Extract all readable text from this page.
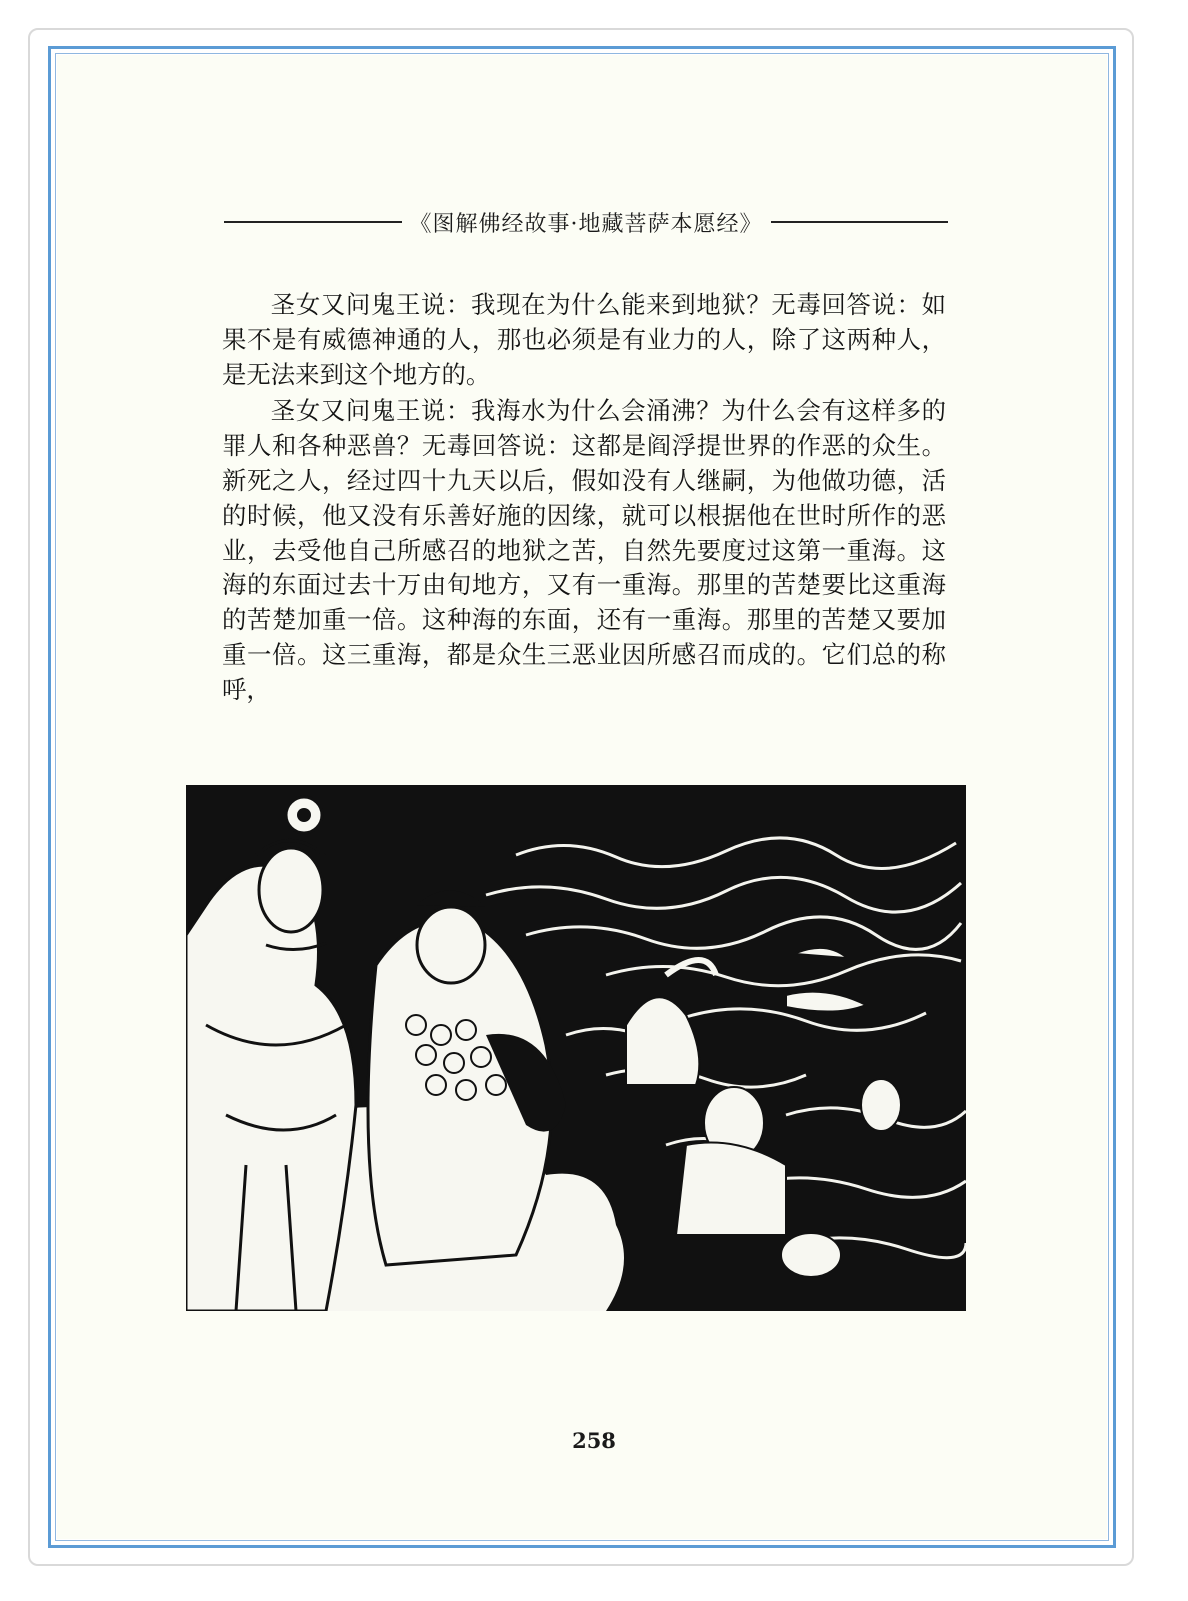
《图解佛经故事·地藏菩萨本愿经》

圣女又问鬼王说：我现在为什么能来到地狱？无毒回答说：如果不是有威德神通的人，那也必须是有业力的人，除了这两种人，是无法来到这个地方的。

圣女又问鬼王说：我海水为什么会涌沸？为什么会有这样多的罪人和各种恶兽？无毒回答说：这都是阎浮提世界的作恶的众生。新死之人，经过四十九天以后，假如没有人继嗣，为他做功德，活的时候，他又没有乐善好施的因缘，就可以根据他在世时所作的恶业，去受他自己所感召的地狱之苦，自然先要度过这第一重海。这海的东面过去十万由旬地方，又有一重海。那里的苦楚要比这重海的苦楚加重一倍。这种海的东面，还有一重海。那里的苦楚又要加重一倍。这三重海，都是众生三恶业因所感召而成的。它们总的称呼，

258
